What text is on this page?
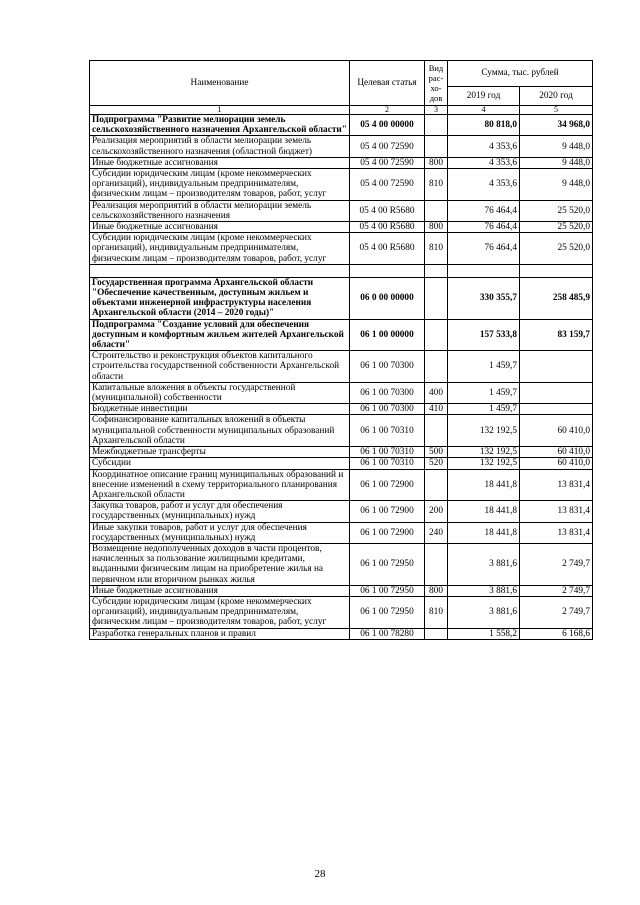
Наименование	Целевая статья	Вид рас-хо-дов	Сумма, тыс. рублей	
			2019 год	2020 год
1	2	3	4	5
Подпрограмма "Развитие мелиорации земель сельскохозяйственного назначения Архангельской области"	05 4 00 00000		80 818,0	34 968,0
Реализация мероприятий в области мелиорации земель сельскохозяйственного назначения (областной бюджет)	05 4 00 72590		4 353,6	9 448,0
Иные бюджетные ассигнования	05 4 00 72590	800	4 353,6	9 448,0
Субсидии юридическим лицам (кроме некоммерческих организаций), индивидуальным предпринимателям, физическим лицам – производителям товаров, работ, услуг	05 4 00 72590	810	4 353,6	9 448,0
Реализация мероприятий в области мелиорации земель сельскохозяйственного назначения	05 4 00 R5680		76 464,4	25 520,0
Иные бюджетные ассигнования	05 4 00 R5680	800	76 464,4	25 520,0
Субсидии юридическим лицам (кроме некоммерческих организаций), индивидуальным предпринимателям, физическим лицам – производителям товаров, работ, услуг	05 4 00 R5680	810	76 464,4	25 520,0

Государственная программа Архангельской области "Обеспечение качественным, доступным жильем и объектами инженерной инфраструктуры населения Архангельской области (2014 – 2020 годы)"	06 0 00 00000		330 355,7	258 485,9
Подпрограмма "Создание условий для обеспечения доступным и комфортным жильем жителей Архангельской области"	06 1 00 00000		157 533,8	83 159,7
Строительство и реконструкция объектов капитального строительства государственной собственности Архангельской области	06 1 00 70300		1 459,7	
Капитальные вложения в объекты государственной (муниципальной) собственности	06 1 00 70300	400	1 459,7	
Бюджетные инвестиции	06 1 00 70300	410	1 459,7	
Софинансирование капитальных вложений в объекты муниципальной собственности муниципальных образований Архангельской области	06 1 00 70310		132 192,5	60 410,0
Межбюджетные трансферты	06 1 00 70310	500	132 192,5	60 410,0
Субсидии	06 1 00 70310	520	132 192,5	60 410,0
Координатное описание границ муниципальных образований и внесение изменений в схему территориального планирования Архангельской области	06 1 00 72900		18 441,8	13 831,4
Закупка товаров, работ и услуг для обеспечения государственных (муниципальных) нужд	06 1 00 72900	200	18 441,8	13 831,4
Иные закупки товаров, работ и услуг для обеспечения государственных (муниципальных) нужд	06 1 00 72900	240	18 441,8	13 831,4
Возмещение недополученных доходов в части процентов, начисленных за пользование жилищными кредитами, выданными физическим лицам на приобретение жилья на первичном или вторичном рынках жилья	06 1 00 72950		3 881,6	2 749,7
Иные бюджетные ассигнования	06 1 00 72950	800	3 881,6	2 749,7
Субсидии юридическим лицам (кроме некоммерческих организаций), индивидуальным предпринимателям, физическим лицам – производителям товаров, работ, услуг	06 1 00 72950	810	3 881,6	2 749,7
Разработка генеральных планов и правил	06 1 00 78280		1 558,2	6 168,6
28
